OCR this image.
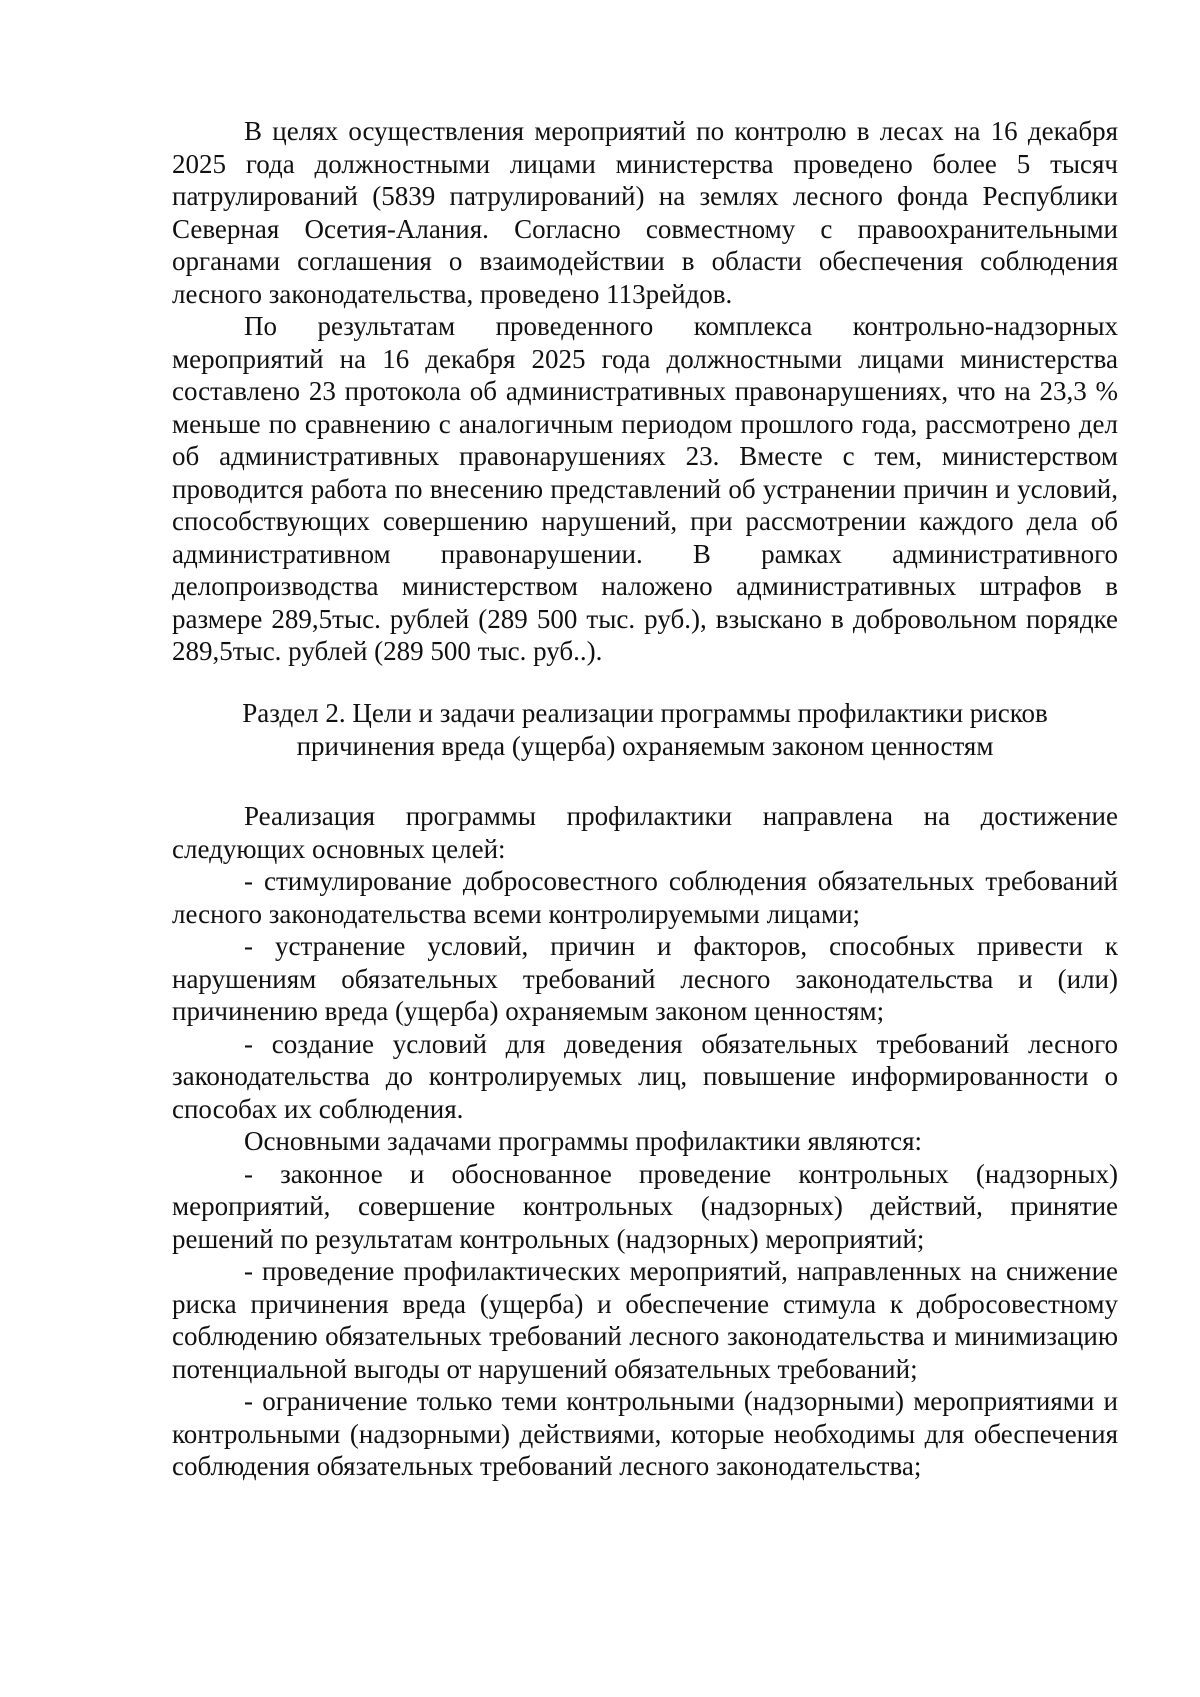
В целях осуществления мероприятий по контролю в лесах на 16 декабря 2025 года должностными лицами министерства проведено более 5 тысяч патрулирований (5839 патрулирований) на землях лесного фонда Республики Северная Осетия-Алания. Согласно совместному с правоохранительными органами соглашения о взаимодействии в области обеспечения соблюдения лесного законодательства, проведено 113рейдов.

По результатам проведенного комплекса контрольно-надзорных мероприятий на 16 декабря 2025 года должностными лицами министерства составлено 23 протокола об административных правонарушениях, что на 23,3 % меньше по сравнению с аналогичным периодом прошлого года, рассмотрено дел об административных правонарушениях 23. Вместе с тем, министерством проводится работа по внесению представлений об устранении причин и условий, способствующих совершению нарушений, при рассмотрении каждого дела об административном правонарушении. В рамках административного делопроизводства министерством наложено административных штрафов в размере 289,5тыс. рублей (289 500 тыс. руб.), взыскано в добровольном порядке 289,5тыс. рублей (289 500 тыс. руб..).

Раздел 2. Цели и задачи реализации программы профилактики рисков
причинения вреда (ущерба) охраняемым законом ценностям

Реализация программы профилактики направлена на достижение следующих основных целей:

- стимулирование добросовестного соблюдения обязательных требований лесного законодательства всеми контролируемыми лицами;

- устранение условий, причин и факторов, способных привести к нарушениям обязательных требований лесного законодательства и (или) причинению вреда (ущерба) охраняемым законом ценностям;

- создание условий для доведения обязательных требований лесного законодательства до контролируемых лиц, повышение информированности о способах их соблюдения.

Основными задачами программы профилактики являются:

- законное и обоснованное проведение контрольных (надзорных) мероприятий, совершение контрольных (надзорных) действий, принятие решений по результатам контрольных (надзорных) мероприятий;

- проведение профилактических мероприятий, направленных на снижение риска причинения вреда (ущерба) и обеспечение стимула к добросовестному соблюдению обязательных требований лесного законодательства и минимизацию потенциальной выгоды от нарушений обязательных требований;

- ограничение только теми контрольными (надзорными) мероприятиями и контрольными (надзорными) действиями, которые необходимы для обеспечения соблюдения обязательных требований лесного законодательства;
